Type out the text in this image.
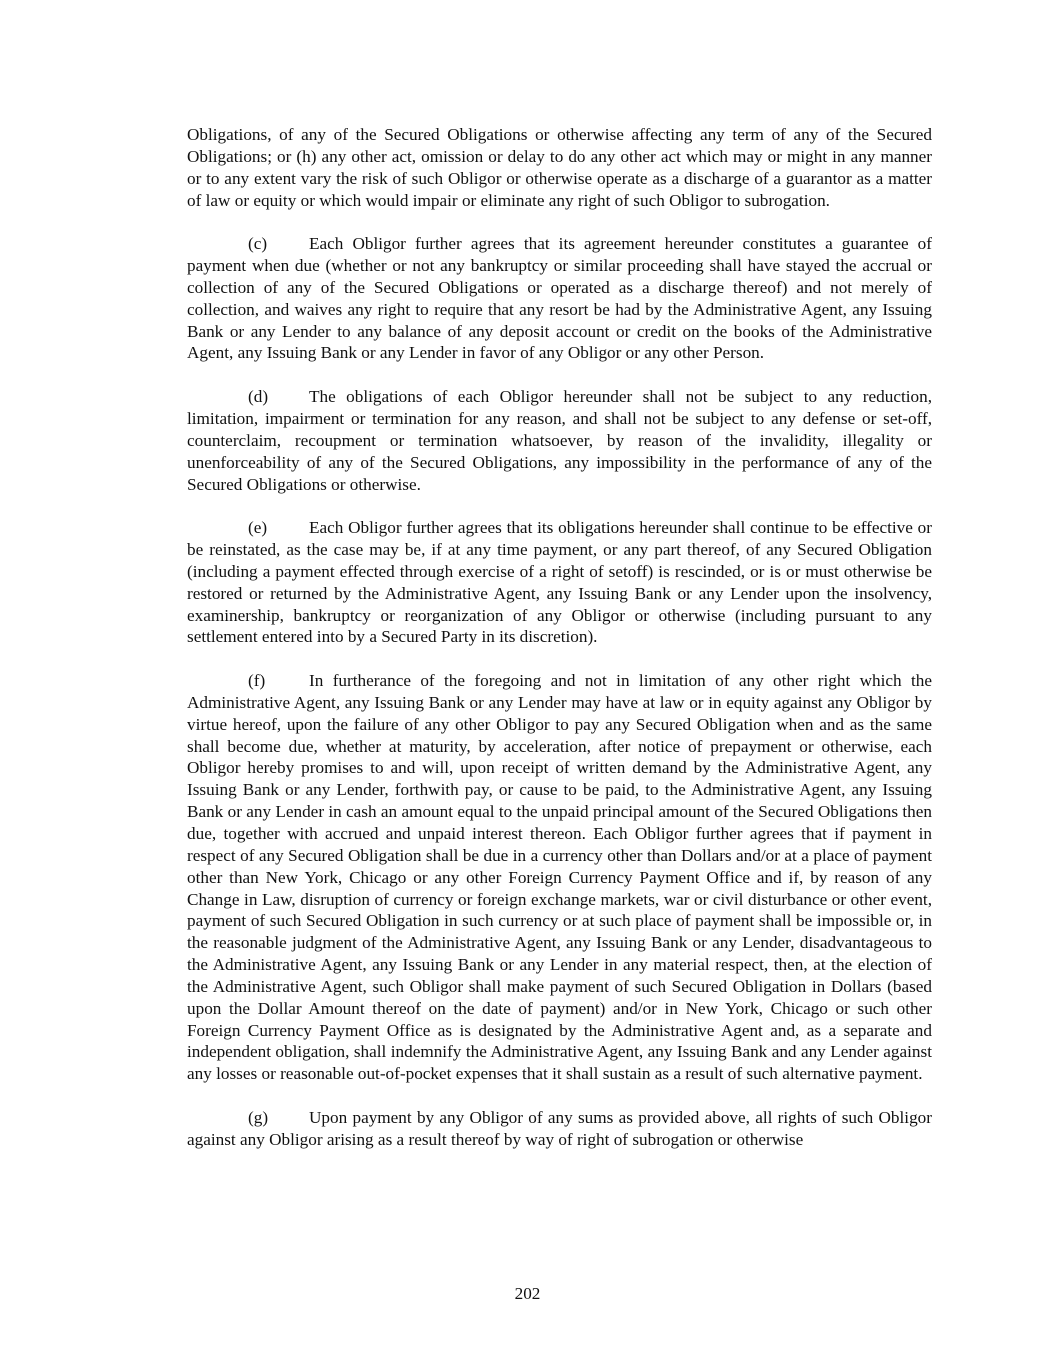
Obligations, of any of the Secured Obligations or otherwise affecting any term of any of the Secured Obligations; or (h) any other act, omission or delay to do any other act which may or might in any manner or to any extent vary the risk of such Obligor or otherwise operate as a discharge of a guarantor as a matter of law or equity or which would impair or eliminate any right of such Obligor to subrogation.

(c) Each Obligor further agrees that its agreement hereunder constitutes a guarantee of payment when due (whether or not any bankruptcy or similar proceeding shall have stayed the accrual or collection of any of the Secured Obligations or operated as a discharge thereof) and not merely of collection, and waives any right to require that any resort be had by the Administrative Agent, any Issuing Bank or any Lender to any balance of any deposit account or credit on the books of the Administrative Agent, any Issuing Bank or any Lender in favor of any Obligor or any other Person.

(d) The obligations of each Obligor hereunder shall not be subject to any reduction, limitation, impairment or termination for any reason, and shall not be subject to any defense or set-off, counterclaim, recoupment or termination whatsoever, by reason of the invalidity, illegality or unenforceability of any of the Secured Obligations, any impossibility in the performance of any of the Secured Obligations or otherwise.

(e) Each Obligor further agrees that its obligations hereunder shall continue to be effective or be reinstated, as the case may be, if at any time payment, or any part thereof, of any Secured Obligation (including a payment effected through exercise of a right of setoff) is rescinded, or is or must otherwise be restored or returned by the Administrative Agent, any Issuing Bank or any Lender upon the insolvency, examinership, bankruptcy or reorganization of any Obligor or otherwise (including pursuant to any settlement entered into by a Secured Party in its discretion).

(f)	In furtherance of the foregoing and not in limitation of any other right which the Administrative Agent, any Issuing Bank or any Lender may have at law or in equity against any Obligor by virtue hereof, upon the failure of any other Obligor to pay any Secured Obligation when and as the same shall become due, whether at maturity, by acceleration, after notice of prepayment or otherwise, each Obligor hereby promises to and will, upon receipt of written demand by the Administrative Agent, any Issuing Bank or any Lender, forthwith pay, or cause to be paid, to the Administrative Agent, any Issuing Bank or any Lender in cash an amount equal to the unpaid principal amount of the Secured Obligations then due, together with accrued and unpaid interest thereon. Each Obligor further agrees that if payment in respect of any Secured Obligation shall be due in a currency other than Dollars and/or at a place of payment other than New York, Chicago or any other Foreign Currency Payment Office and if, by reason of any Change in Law, disruption of currency or foreign exchange markets, war or civil disturbance or other event, payment of such Secured Obligation in such currency or at such place of payment shall be impossible or, in the reasonable judgment of the Administrative Agent, any Issuing Bank or any Lender, disadvantageous to the Administrative Agent, any Issuing Bank or any Lender in any material respect, then, at the election of the Administrative Agent, such Obligor shall make payment of such Secured Obligation in Dollars (based upon the Dollar Amount thereof on the date of payment) and/or in New York, Chicago or such other Foreign Currency Payment Office as is designated by the Administrative Agent and, as a separate and independent obligation, shall indemnify the Administrative Agent, any Issuing Bank and any Lender against any losses or reasonable out-of-pocket expenses that it shall sustain as a result of such alternative payment.

(g) Upon payment by any Obligor of any sums as provided above, all rights of such Obligor against any Obligor arising as a result thereof by way of right of subrogation or otherwise

202
